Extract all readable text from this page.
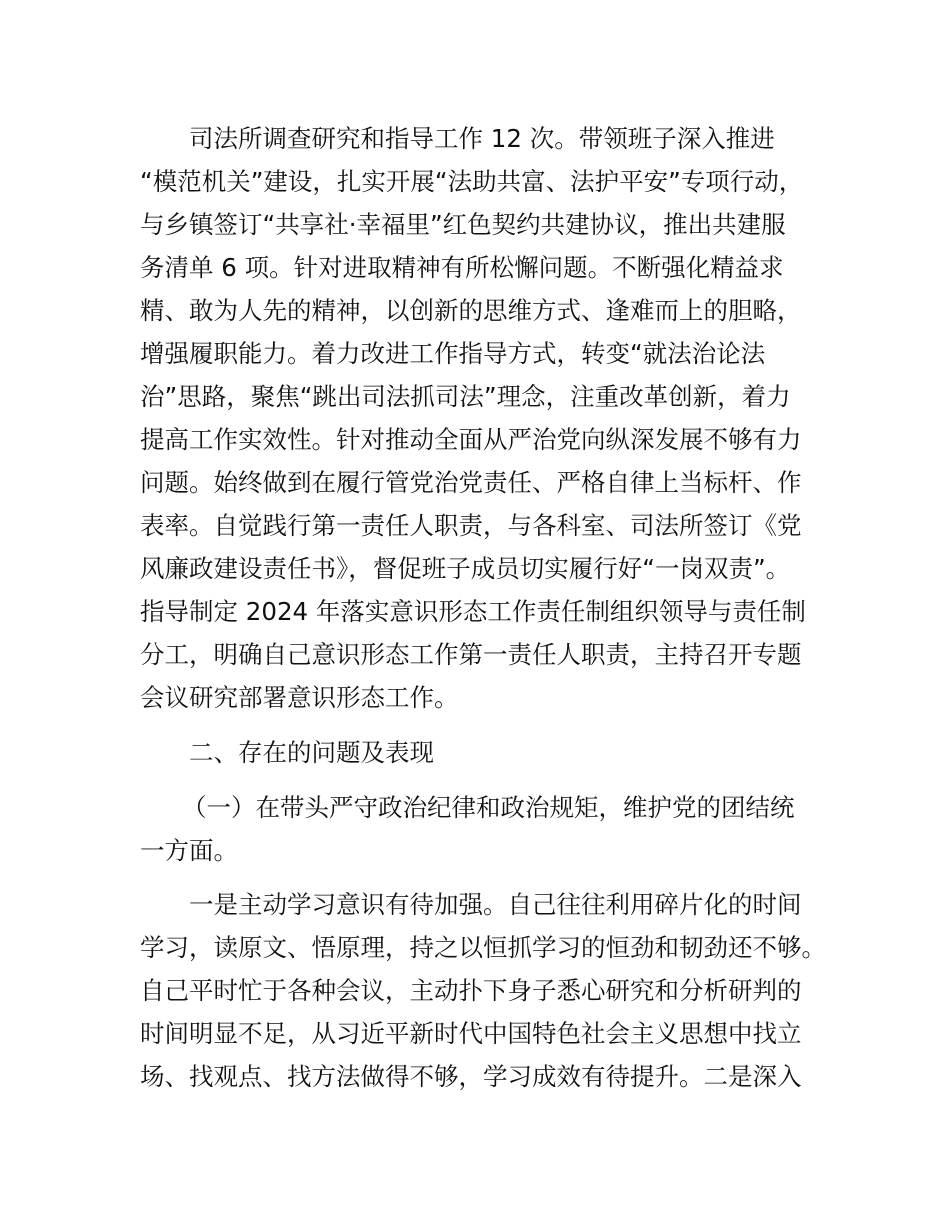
司法所调查研究和指导工作 12 次。带领班子深入推进
“模范机关”建设，扎实开展“法助共富、法护平安”专项行动，
与乡镇签订“共享社·幸福里”红色契约共建协议，推出共建服
务清单 6 项。针对进取精神有所松懈问题。不断强化精益求
精、敢为人先的精神，以创新的思维方式、逢难而上的胆略，
增强履职能力。着力改进工作指导方式，转变“就法治论法
治”思路，聚焦“跳出司法抓司法”理念，注重改革创新，着力
提高工作实效性。针对推动全面从严治党向纵深发展不够有力
问题。始终做到在履行管党治党责任、严格自律上当标杆、作
表率。自觉践行第一责任人职责，与各科室、司法所签订《党
风廉政建设责任书》，督促班子成员切实履行好“一岗双责”。
指导制定 2024 年落实意识形态工作责任制组织领导与责任制
分工，明确自己意识形态工作第一责任人职责，主持召开专题
会议研究部署意识形态工作。
二、存在的问题及表现
（一）在带头严守政治纪律和政治规矩，维护党的团结统
一方面。
一是主动学习意识有待加强。自己往往利用碎片化的时间
学习，读原文、悟原理，持之以恒抓学习的恒劲和韧劲还不够。
自己平时忙于各种会议，主动扑下身子悉心研究和分析研判的
时间明显不足，从习近平新时代中国特色社会主义思想中找立
场、找观点、找方法做得不够，学习成效有待提升。二是深入
